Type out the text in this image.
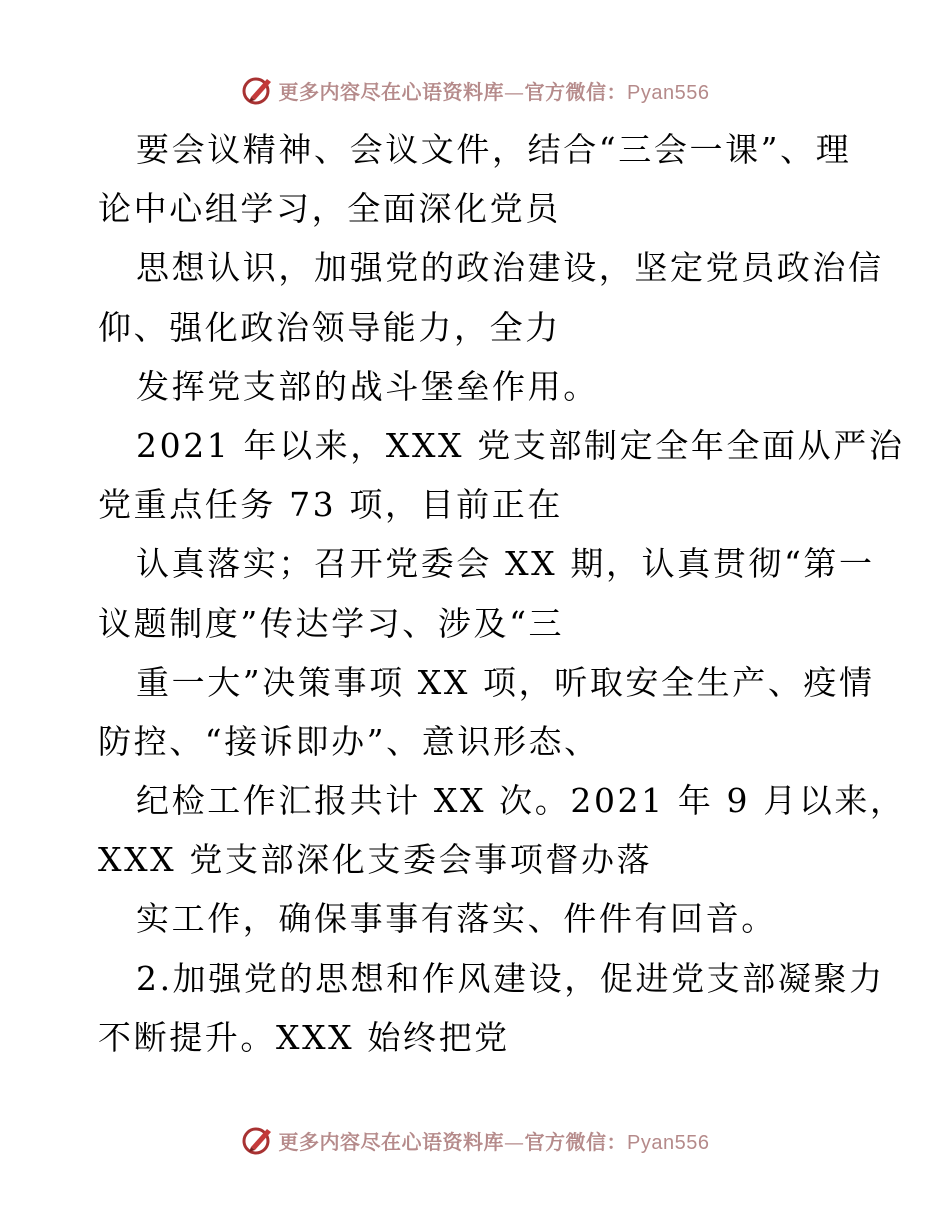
更多内容尽在心语资料库—官方微信：Pyan556
要会议精神、会议文件，结合“三会一课”、理
论中心组学习，全面深化党员
思想认识，加强党的政治建设，坚定党员政治信
仰、强化政治领导能力，全力
发挥党支部的战斗堡垒作用。
2021 年以来，XXX 党支部制定全年全面从严治
党重点任务 73 项，目前正在
认真落实；召开党委会 XX 期，认真贯彻“第一
议题制度”传达学习、涉及“三
重一大”决策事项 XX 项，听取安全生产、疫情
防控、“接诉即办”、意识形态、
纪检工作汇报共计 XX 次。2021 年 9 月以来，
XXX 党支部深化支委会事项督办落
实工作，确保事事有落实、件件有回音。
2.加强党的思想和作风建设，促进党支部凝聚力
不断提升。XXX 始终把党
更多内容尽在心语资料库—官方微信：Pyan556
